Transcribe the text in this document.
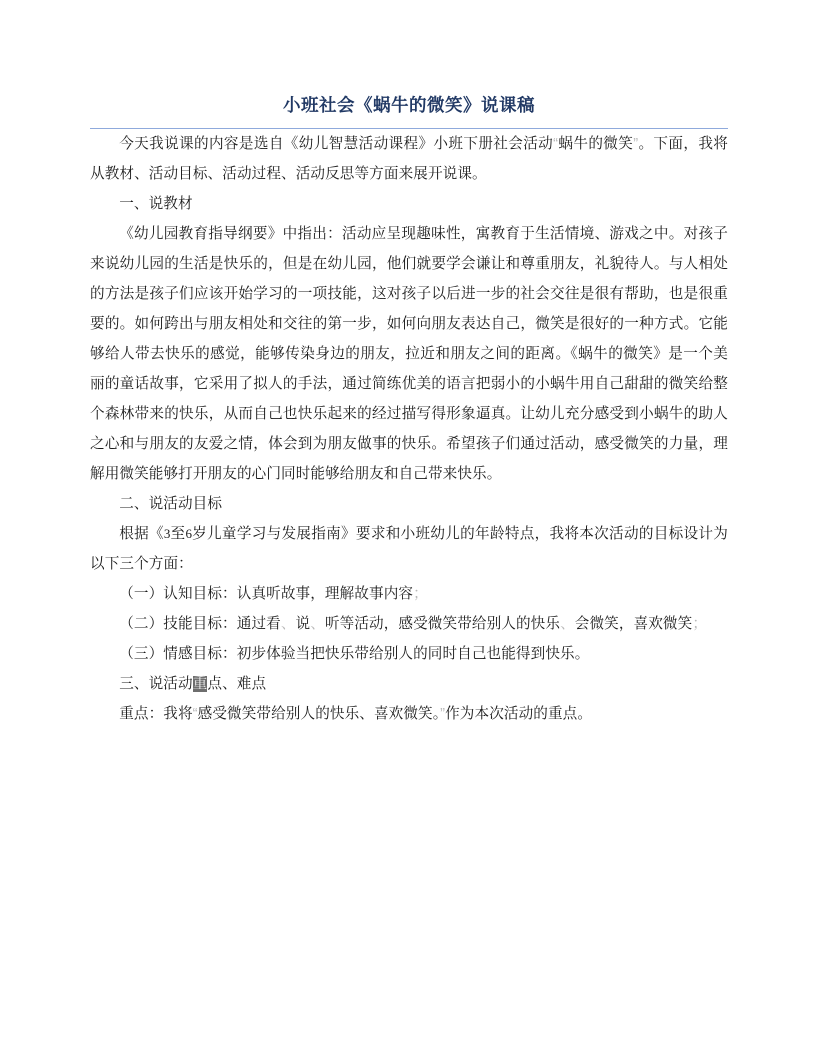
小班社会《蜗牛的微笑》说课稿

今天我说课的内容是选自《幼儿智慧活动课程》小班下册社会活动“蜗牛的微笑”。下面，我将从教材、活动目标、活动过程、活动反思等方面来展开说课。

一、说教材

《幼儿园教育指导纲要》中指出：活动应呈现趣味性，寓教育于生活情境、游戏之中。对孩子来说幼儿园的生活是快乐的，但是在幼儿园，他们就要学会谦让和尊重朋友，礼貌待人。与人相处的方法是孩子们应该开始学习的一项技能，这对孩子以后进一步的社会交往是很有帮助，也是很重要的。如何跨出与朋友相处和交往的第一步，如何向朋友表达自己，微笑是很好的一种方式。它能够给人带去快乐的感觉，能够传染身边的朋友，拉近和朋友之间的距离。《蜗牛的微笑》是一个美丽的童话故事，它采用了拟人的手法，通过简练优美的语言把弱小的小蜗牛用自己甜甜的微笑给整个森林带来的快乐，从而自己也快乐起来的经过描写得形象逼真。让幼儿充分感受到小蜗牛的助人之心和与朋友的友爱之情，体会到为朋友做事的快乐。希望孩子们通过活动，感受微笑的力量，理解用微笑能够打开朋友的心门同时能够给朋友和自己带来快乐。

二、说活动目标

根据《3至6岁儿童学习与发展指南》要求和小班幼儿的年龄特点，我将本次活动的目标设计为以下三个方面：

（一）认知目标：认真听故事，理解故事内容；

（二）技能目标：通过看、说、听等活动，感受微笑带给别人的快乐、会微笑，喜欢微笑；

（三）情感目标：初步体验当把快乐带给别人的同时自己也能得到快乐。

三、说活动重点、难点

重点：我将“感受微笑带给别人的快乐、喜欢微笑。”作为本次活动的重点。
